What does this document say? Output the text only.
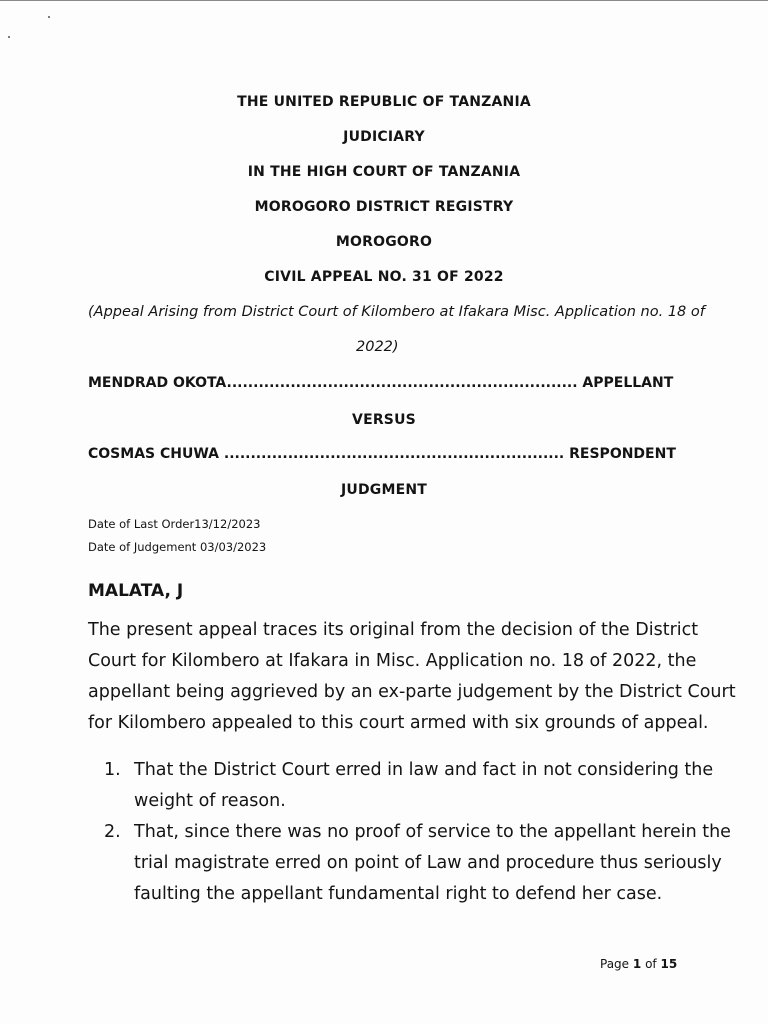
THE UNITED REPUBLIC OF TANZANIA
JUDICIARY
IN THE HIGH COURT OF TANZANIA
MOROGORO DISTRICT REGISTRY
MOROGORO
CIVIL APPEAL NO. 31 OF 2022
(Appeal Arising from District Court of Kilombero at Ifakara Misc. Application no. 18 of
2022)
MENDRAD OKOTA.................................................................. APPELLANT
VERSUS
COSMAS CHUWA ................................................................ RESPONDENT
JUDGMENT
Date of Last Order13/12/2023
Date of Judgement 03/03/2023
MALATA, J
The present appeal traces its original from the decision of the District
Court for Kilombero at Ifakara in Misc. Application no. 18 of 2022, the
appellant being aggrieved by an ex-parte judgement by the District Court
for Kilombero appealed to this court armed with six grounds of appeal.
1. That the District Court erred in law and fact in not considering the
weight of reason.
2. That, since there was no proof of service to the appellant herein the
trial magistrate erred on point of Law and procedure thus seriously
faulting the appellant fundamental right to defend her case.
Page 1 of 15
